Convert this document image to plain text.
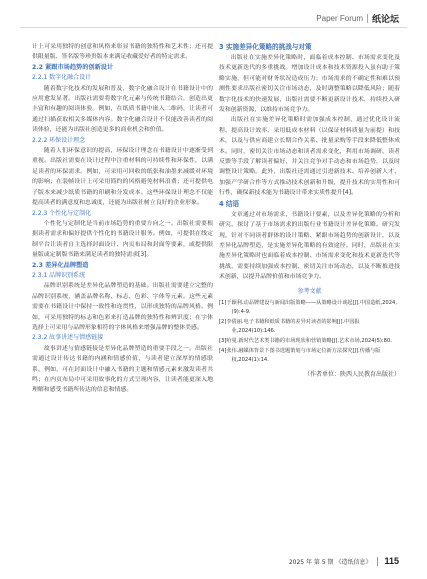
Paper Forum 纸论坛

计上可采用独特的创意和风格来彰显书籍的独特性和艺术性；还可提供限量版、签名版等珍贵版本来满足收藏爱好者的特定需求。

2.2 紧跟市场趋势的创新设计

2.2.1 数字化融合设计

随着数字化技术的发展和普及，数字化融合设计在书籍设计中的应用愈发显著。出版社需要将数字化元素与传统书籍结合，创造出更丰富和有趣的阅读体验。例如，在纸质书籍中嵌入二维码，让读者可通过扫描获取相关多媒体内容。数字化融合设计不仅能改善读者的阅读体验，还能为出版社创造更多的商业机会和价值。

2.2.2 环保设计理念

随着人们环保意识的提高，环保设计理念在书籍设计中逐渐受到重视。出版社需要在设计过程中注重材料的可持续性和环保性，以满足读者的环保需求。例如，可采用可回收的纸张和油墨来减缓对环境的影响；在装帧设计上可采用简约的风格避免材料浪费；还可提供电子版本来减少纸质书籍的印刷和分发成本。这些环保设计理念不仅能提高读者的满意度和忠诚度，还能为出版社树立良好的企业形象。

2.2.3 个性化与定制化

个性化与定制化是当前市场趋势的重要方向之一。出版社需要根据读者需求和偏好提供个性化的书籍设计服务。例如，可提供在线定制平台让读者自主选择封面设计、内页布局和封面等要素，或提供限量版或定制版书籍来满足读者的独特需求[3]。

2.3 差异化品牌塑造

2.3.1 品牌识别系统

品牌识别系统是差异化品牌塑造的基础。出版社需要建立完整的品牌识别系统，涵盖品牌名称、标志、色彩、字体等元素。这些元素需要在书籍设计中保持一致性和连贯性，以形成独特的品牌风格。例如，可采用独特的标志和色彩来打造品牌的独特性和辨识度；在字体选择上可采用与品牌形象相符的字体风格来增强品牌的整体美感。

2.3.2 故事讲述与情感链接

故事讲述与情感链接是差异化品牌塑造的重要手段之一。出版社需通过设计传达书籍的内涵和情感价值，与读者建立深厚的情感联系。例如，可在封面设计中融入书籍的主题和情感元素来激发读者共鸣；在内页布局中可采用故事化的方式呈现内容，让读者能更深入地理解和感受书籍所传达的信息和情感。

3 实施差异化策略的挑战与对策

出版社在实施差异化策略时，面临着成本控制、市场需求变化及技术更新迭代的多重挑战。增加设计成本和技术资源投入虽有助于策略实施，但可能对财务状况造成压力；市场需求的不确定性和难以预测性要求出版社密切关注市场动态，及时调整策略以降低风险；随着数字化技术的快速发展，出版社需要不断更新设计技术，持续投入研发和创新资源，以维持市场竞争力。

出版社在实施差异化策略时需加强成本控制，通过优化设计流程、提高设计效率、采用低成本材料（以保证材料质量为前提）和技术，以及与供应商建立长期合作关系、批量采购等手段来降低整体成本。同时，密切关注市场动态和读者需求变化，利用市场调研、读者反馈等手段了解读者偏好，并关注竞争对手动态和市场趋势，以及时调整设计策略。此外，出版社还需通过引进新技术、培养创新人才、加强产学研合作等方式推动技术创新和升级，提升技术的实用性和可行性，确保新技术能为书籍设计带来实质性提升[4]。

4 结语

文章通过对市场需求、书籍设计要素，以及差异化策略的分析和研究，探讨了基于市场需求的出版行业书籍设计差异化策略。研究发现，针对不同读者群体的设计策略、紧跟市场趋势的创新设计，以及差异化品牌塑造，是实施差异化策略的有效途径。同时，出版社在实施差异化策略时也面临着成本控制、市场需求变化和技术更新迭代等挑战，需要持续加强成本控制、密切关注市场动态，以及不断推进技术创新，以提升品牌价值和市场竞争力。

参考文献

[1]于颖利.动品牌建设与新闻出版策略——从策略设计谈起[J].中国造纸,2024,(9):4-9.

[2]李倩丽.电子书籍和纸质书籍的差异对读者的影响[J].中国报业,2024(10):146.

[3]哈曼.新时代艺术类书籍的市场现状和营销策略[J].艺术市场,2024(5):80.

[4]张伟.融媒体背景下图书选题策划与市场定位新方法探究[J].传播与版权,2024(1):14.

（作者单位：陕西人民教育出版社）

2025 年 第 5 期 《造纸信息》 115
